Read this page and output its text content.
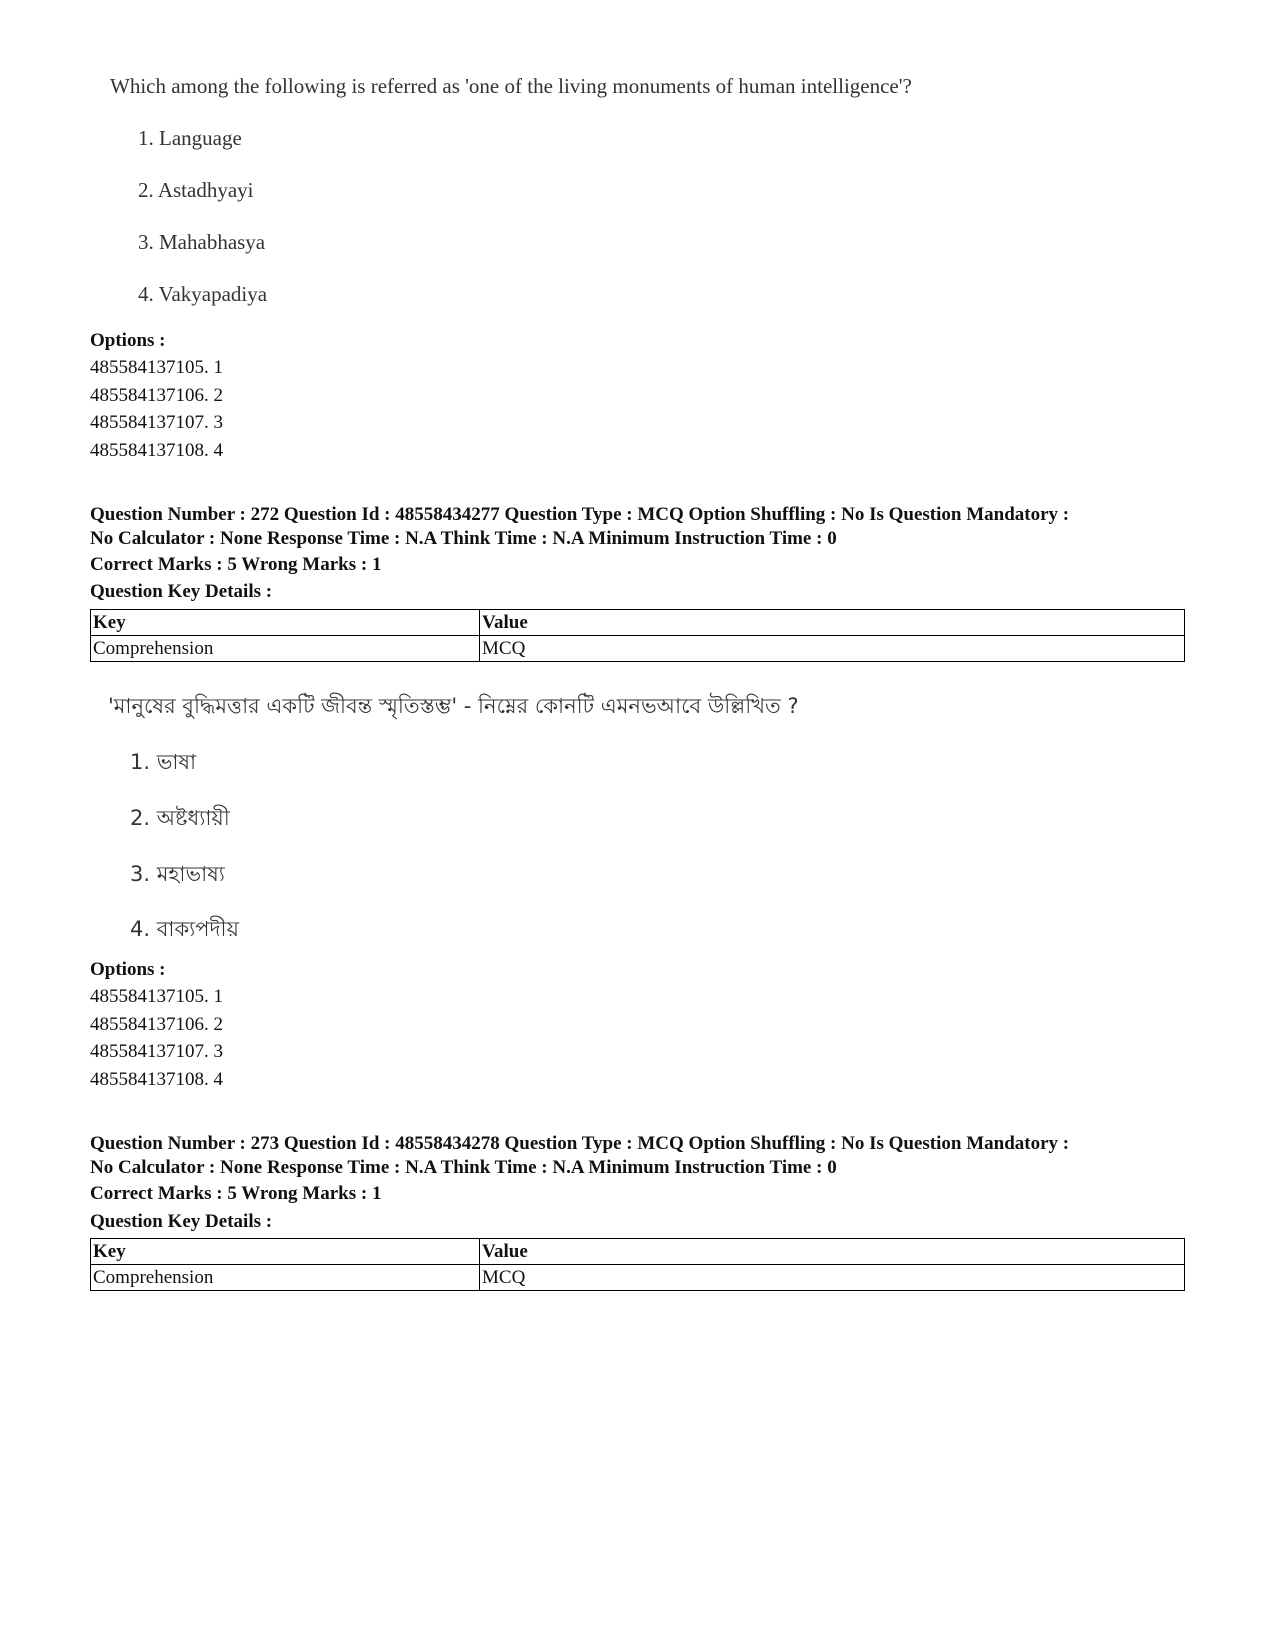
Which among the following is referred as 'one of the living monuments of human intelligence'?
1. Language
2. Astadhyayi
3. Mahabhasya
4. Vakyapadiya
Options :
485584137105. 1
485584137106. 2
485584137107. 3
485584137108. 4
Question Number : 272 Question Id : 48558434277 Question Type : MCQ Option Shuffling : No Is Question Mandatory :
No Calculator : None Response Time : N.A Think Time : N.A Minimum Instruction Time : 0
Correct Marks : 5 Wrong Marks : 1
Question Key Details :
Key	Value
Comprehension	MCQ
'মানুষের বুদ্ধিমত্তার একটি জীবন্ত স্মৃতিস্তম্ভ' - নিম্নের কোনটি এমনভআবে উল্লিখিত ?
1. ভাষা
2. অষ্টধ্যায়ী
3. মহাভাষ্য
4. বাক্যপদীয়
Options :
485584137105. 1
485584137106. 2
485584137107. 3
485584137108. 4
Question Number : 273 Question Id : 48558434278 Question Type : MCQ Option Shuffling : No Is Question Mandatory :
No Calculator : None Response Time : N.A Think Time : N.A Minimum Instruction Time : 0
Correct Marks : 5 Wrong Marks : 1
Question Key Details :
Key	Value
Comprehension	MCQ
